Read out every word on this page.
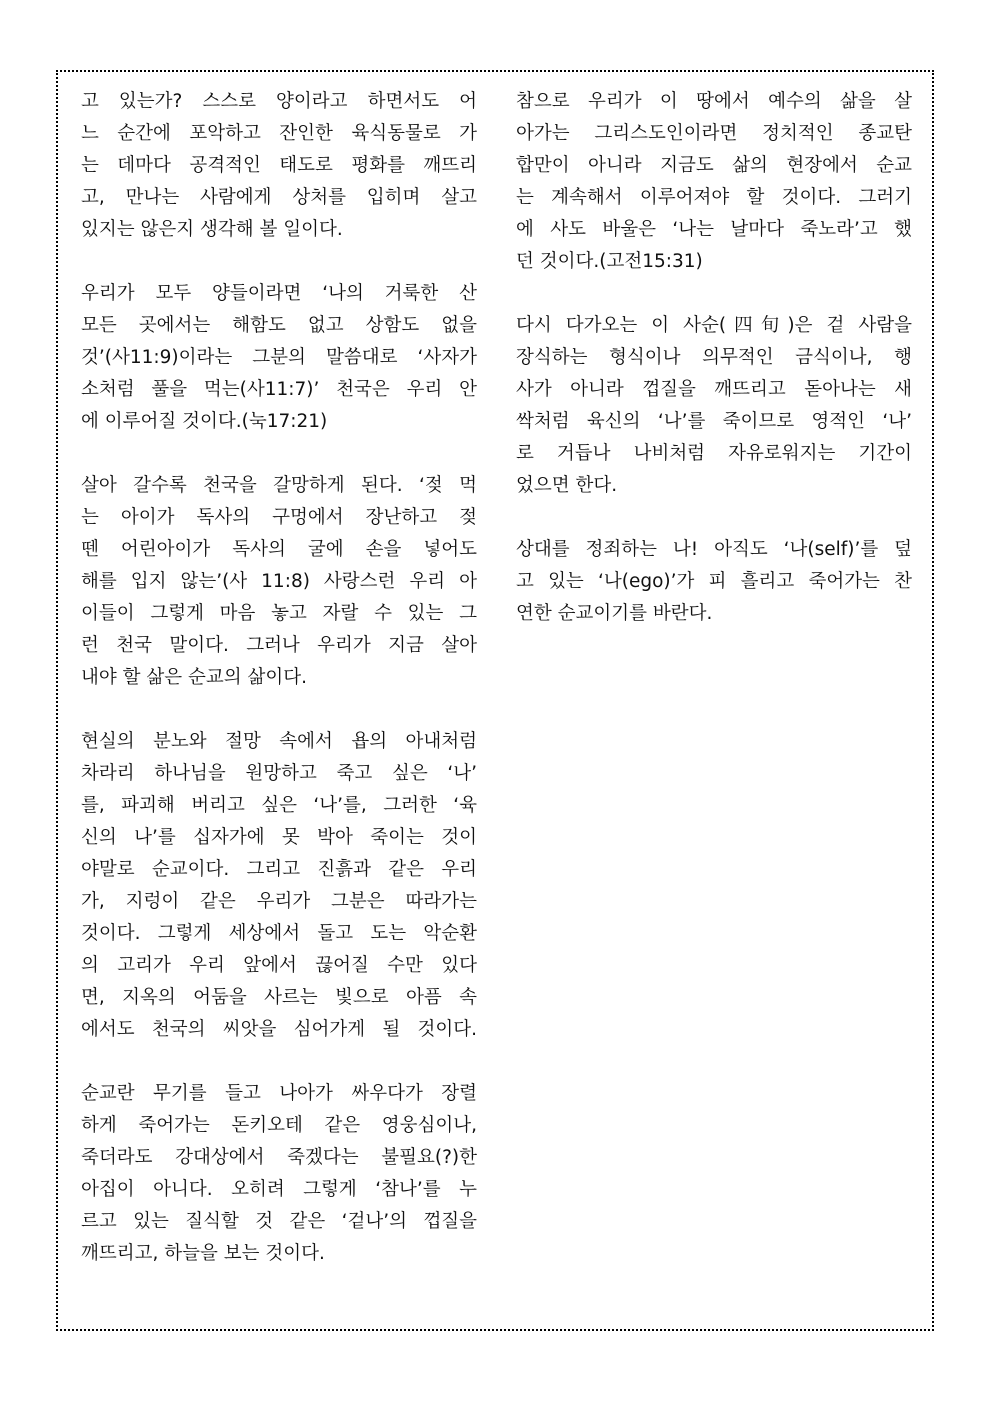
고 있는가? 스스로 양이라고 하면서도 어
느 순간에 포악하고 잔인한 육식동물로 가
는 데마다 공격적인 태도로 평화를 깨뜨리
고, 만나는 사람에게 상처를 입히며 살고
있지는 않은지 생각해 볼 일이다.
우리가 모두 양들이라면 ‘나의 거룩한 산
모든 곳에서는 해함도 없고 상함도 없을
것’(사11:9)이라는 그분의 말씀대로 ‘사자가
소처럼 풀을 먹는(사11:7)’ 천국은 우리 안
에 이루어질 것이다.(눅17:21)
살아 갈수록 천국을 갈망하게 된다. ‘젖 먹
는 아이가 독사의 구멍에서 장난하고 젖
뗀 어린아이가 독사의 굴에 손을 넣어도
해를 입지 않는’(사 11:8) 사랑스런 우리 아
이들이 그렇게 마음 놓고 자랄 수 있는 그
런 천국 말이다. 그러나 우리가 지금 살아
내야 할 삶은 순교의 삶이다.
현실의 분노와 절망 속에서 욥의 아내처럼
차라리 하나님을 원망하고 죽고 싶은 ‘나’
를, 파괴해 버리고 싶은 ‘나’를, 그러한 ‘육
신의 나’를 십자가에 못 박아 죽이는 것이
야말로 순교이다. 그리고 진흙과 같은 우리
가, 지렁이 같은 우리가 그분은 따라가는
것이다. 그렇게 세상에서 돌고 도는 악순환
의 고리가 우리 앞에서 끊어질 수만 있다
면, 지옥의 어둠을 사르는 빛으로 아픔 속
에서도 천국의 씨앗을 심어가게 될 것이다.
순교란 무기를 들고 나아가 싸우다가 장렬
하게 죽어가는 돈키오테 같은 영웅심이나,
죽더라도 강대상에서 죽겠다는 불필요(?)한
아집이 아니다. 오히려 그렇게 ‘참나’를 누
르고 있는 질식할 것 같은 ‘겉나’의 껍질을
깨뜨리고, 하늘을 보는 것이다.
참으로 우리가 이 땅에서 예수의 삶을 살
아가는 그리스도인이라면 정치적인 종교탄
합만이 아니라 지금도 삶의 현장에서 순교
는 계속해서 이루어져야 할 것이다. 그러기
에 사도 바울은 ‘나는 날마다 죽노라’고 했
던 것이다.(고전15:31)
다시 다가오는 이 사순(四旬)은 겉 사람을
장식하는 형식이나 의무적인 금식이나, 행
사가 아니라 껍질을 깨뜨리고 돋아나는 새
싹처럼 육신의 ‘나’를 죽이므로 영적인 ‘나’
로 거듭나 나비처럼 자유로워지는 기간이
었으면 한다.
상대를 정죄하는 나! 아직도 ‘나(self)’를 덮
고 있는 ‘나(ego)’가 피 흘리고 죽어가는 찬
연한 순교이기를 바란다.
